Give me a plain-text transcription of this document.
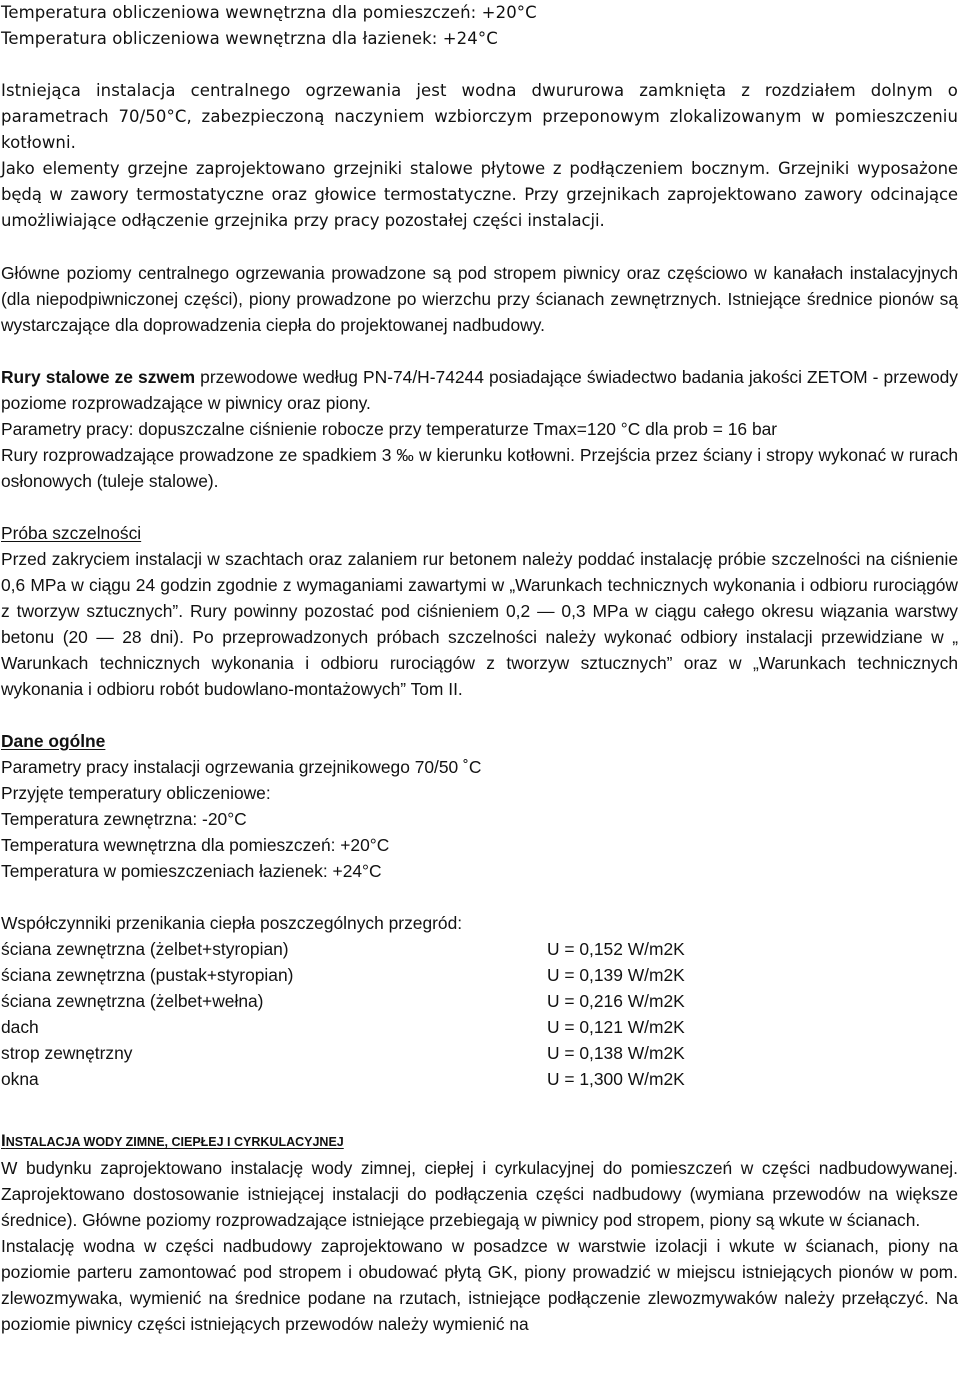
Temperatura obliczeniowa wewnętrzna dla pomieszczeń: +20°C

Temperatura obliczeniowa wewnętrzna dla łazienek: +24°C

Istniejąca instalacja centralnego ogrzewania jest wodna dwururowa zamknięta z rozdziałem dolnym o parametrach 70/50°C, zabezpieczoną naczyniem wzbiorczym przeponowym zlokalizowanym w pomieszczeniu kotłowni.

Jako elementy grzejne zaprojektowano grzejniki stalowe płytowe z podłączeniem bocznym. Grzejniki wyposażone będą w zawory termostatyczne oraz głowice termostatyczne. Przy grzejnikach zaprojektowano zawory odcinające umożliwiające odłączenie grzejnika przy pracy pozostałej części instalacji.

Główne poziomy centralnego ogrzewania prowadzone są pod stropem piwnicy oraz częściowo w kanałach instalacyjnych (dla niepodpiwniczonej części), piony prowadzone po wierzchu przy ścianach zewnętrznych. Istniejące średnice pionów są wystarczające dla doprowadzenia ciepła do projektowanej nadbudowy.

Rury stalowe ze szwem przewodowe według PN-74/H-74244 posiadające świadectwo badania jakości ZETOM - przewody poziome rozprowadzające w piwnicy oraz piony.

Parametry pracy: dopuszczalne ciśnienie robocze przy temperaturze Tmax=120 °C dla prob = 16 bar

Rury rozprowadzające prowadzone ze spadkiem 3 ‰ w kierunku kotłowni. Przejścia przez ściany i stropy wykonać w rurach osłonowych (tuleje stalowe).

Próba szczelności

Przed zakryciem instalacji w szachtach oraz zalaniem rur betonem należy poddać instalację próbie szczelności na ciśnienie 0,6 MPa w ciągu 24 godzin zgodnie z wymaganiami zawartymi w „Warunkach technicznych wykonania i odbioru rurociągów z tworzyw sztucznych”. Rury powinny pozostać pod ciśnieniem 0,2 — 0,3 MPa w ciągu całego okresu wiązania warstwy betonu (20 — 28 dni). Po przeprowadzonych próbach szczelności należy wykonać odbiory instalacji przewidziane w „ Warunkach technicznych wykonania i odbioru rurociągów z tworzyw sztucznych” oraz w „Warunkach technicznych wykonania i odbioru robót budowlano-montażowych” Tom II.

Dane ogólne

Parametry pracy instalacji ogrzewania grzejnikowego 70/50 ˚C

Przyjęte temperatury obliczeniowe:

Temperatura zewnętrzna: -20°C

Temperatura wewnętrzna dla pomieszczeń: +20°C

Temperatura w pomieszczeniach łazienek: +24°C

Współczynniki przenikania ciepła poszczególnych przegród:

ściana zewnętrzna (żelbet+styropian)	U = 0,152 W/m2K
ściana zewnętrzna (pustak+styropian)	U = 0,139 W/m2K
ściana zewnętrzna (żelbet+wełna)	U = 0,216 W/m2K
dach	U = 0,121 W/m2K
strop zewnętrzny	U = 0,138 W/m2K
okna	U = 1,300 W/m2K

INSTALACJA WODY ZIMNE, CIEPŁEJ I CYRKULACYJNEJ

W budynku zaprojektowano instalację wody zimnej, ciepłej i cyrkulacyjnej do pomieszczeń w części nadbudowywanej. Zaprojektowano dostosowanie istniejącej instalacji do podłączenia części nadbudowy (wymiana przewodów na większe średnice). Główne poziomy rozprowadzające istniejące przebiegają w piwnicy pod stropem, piony są wkute w ścianach.

Instalację wodna w części nadbudowy zaprojektowano w posadzce w warstwie izolacji i wkute w ścianach, piony na poziomie parteru zamontować pod stropem i obudować płytą GK, piony prowadzić w miejscu istniejących pionów w pom. zlewozmywaka, wymienić na średnice podane na rzutach, istniejące podłączenie zlewozmywaków należy przełączyć. Na poziomie piwnicy części istniejących przewodów należy wymienić na
